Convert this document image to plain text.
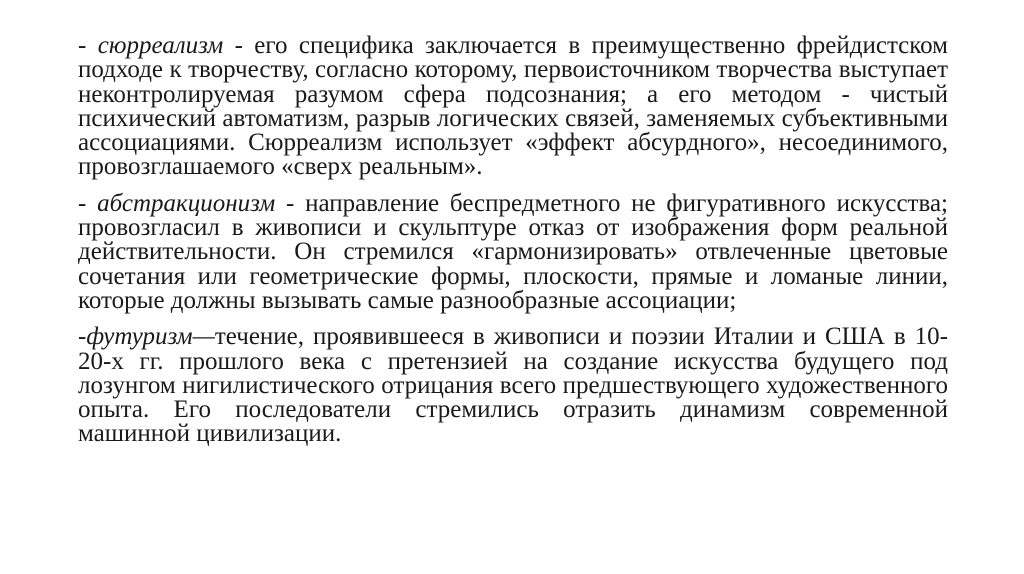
- сюрреализм - его специфика заключается в преимущественно фрейдистском подходе к творчеству, согласно которому, первоисточником творчества выступает неконтролируемая разумом сфера подсознания; а его методом - чистый психический автоматизм, разрыв логических связей, заменяемых субъективными ассоциациями. Сюрреализм использует «эффект абсурдного», несоединимого, провозглашаемого «сверх реальным».

- абстракционизм - направление беспредметного не фигуративного искусства; провозгласил в живописи и скульптуре отказ от изображения форм реальной действительности. Он стремился «гармонизировать» отвлеченные цветовые сочетания или геометрические формы, плоскости, прямые и ломаные линии, которые должны вызывать самые разнообразные ассоциации;

-футуризм—течение, проявившееся в живописи и поэзии Италии и США в 10-20-х гг. прошлого века с претензией на создание искусства будущего под лозунгом нигилистического отрицания всего предшествующего художественного опыта. Его последователи стремились отразить динамизм современной машинной цивилизации.
